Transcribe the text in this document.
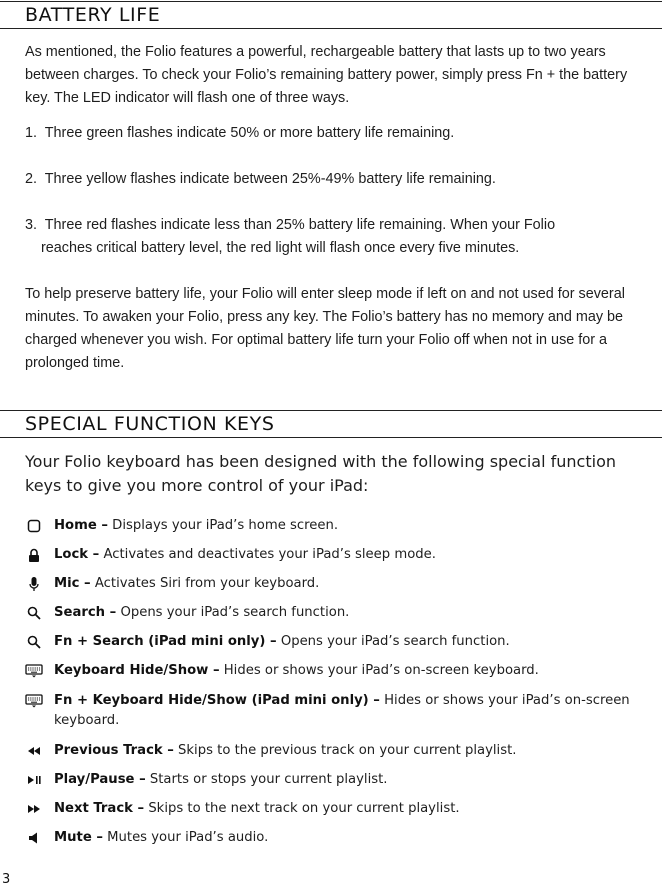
BATTERY LIFE

As mentioned, the Folio features a powerful, rechargeable battery that lasts up to two years between charges. To check your Folio’s remaining battery power, simply press Fn + the battery key. The LED indicator will flash one of three ways.

1. Three green flashes indicate 50% or more battery life remaining.

2. Three yellow flashes indicate between 25%-49% battery life remaining.

3. Three red flashes indicate less than 25% battery life remaining. When your Folio
reaches critical battery level, the red light will flash once every five minutes.

To help preserve battery life, your Folio will enter sleep mode if left on and not used for several minutes. To awaken your Folio, press any key. The Folio’s battery has no memory and may be charged whenever you wish. For optimal battery life turn your Folio off when not in use for a prolonged time.

SPECIAL FUNCTION KEYS

Your Folio keyboard has been designed with the following special function keys to give you more control of your iPad:

Home – Displays your iPad’s home screen.
Lock – Activates and deactivates your iPad’s sleep mode.
Mic – Activates Siri from your keyboard.
Search – Opens your iPad’s search function.
Fn + Search (iPad mini only) – Opens your iPad’s search function.
Keyboard Hide/Show – Hides or shows your iPad’s on-screen keyboard.
Fn + Keyboard Hide/Show (iPad mini only) – Hides or shows your iPad’s on-screen keyboard.
Previous Track – Skips to the previous track on your current playlist.
Play/Pause – Starts or stops your current playlist.
Next Track – Skips to the next track on your current playlist.
Mute – Mutes your iPad’s audio.
3
